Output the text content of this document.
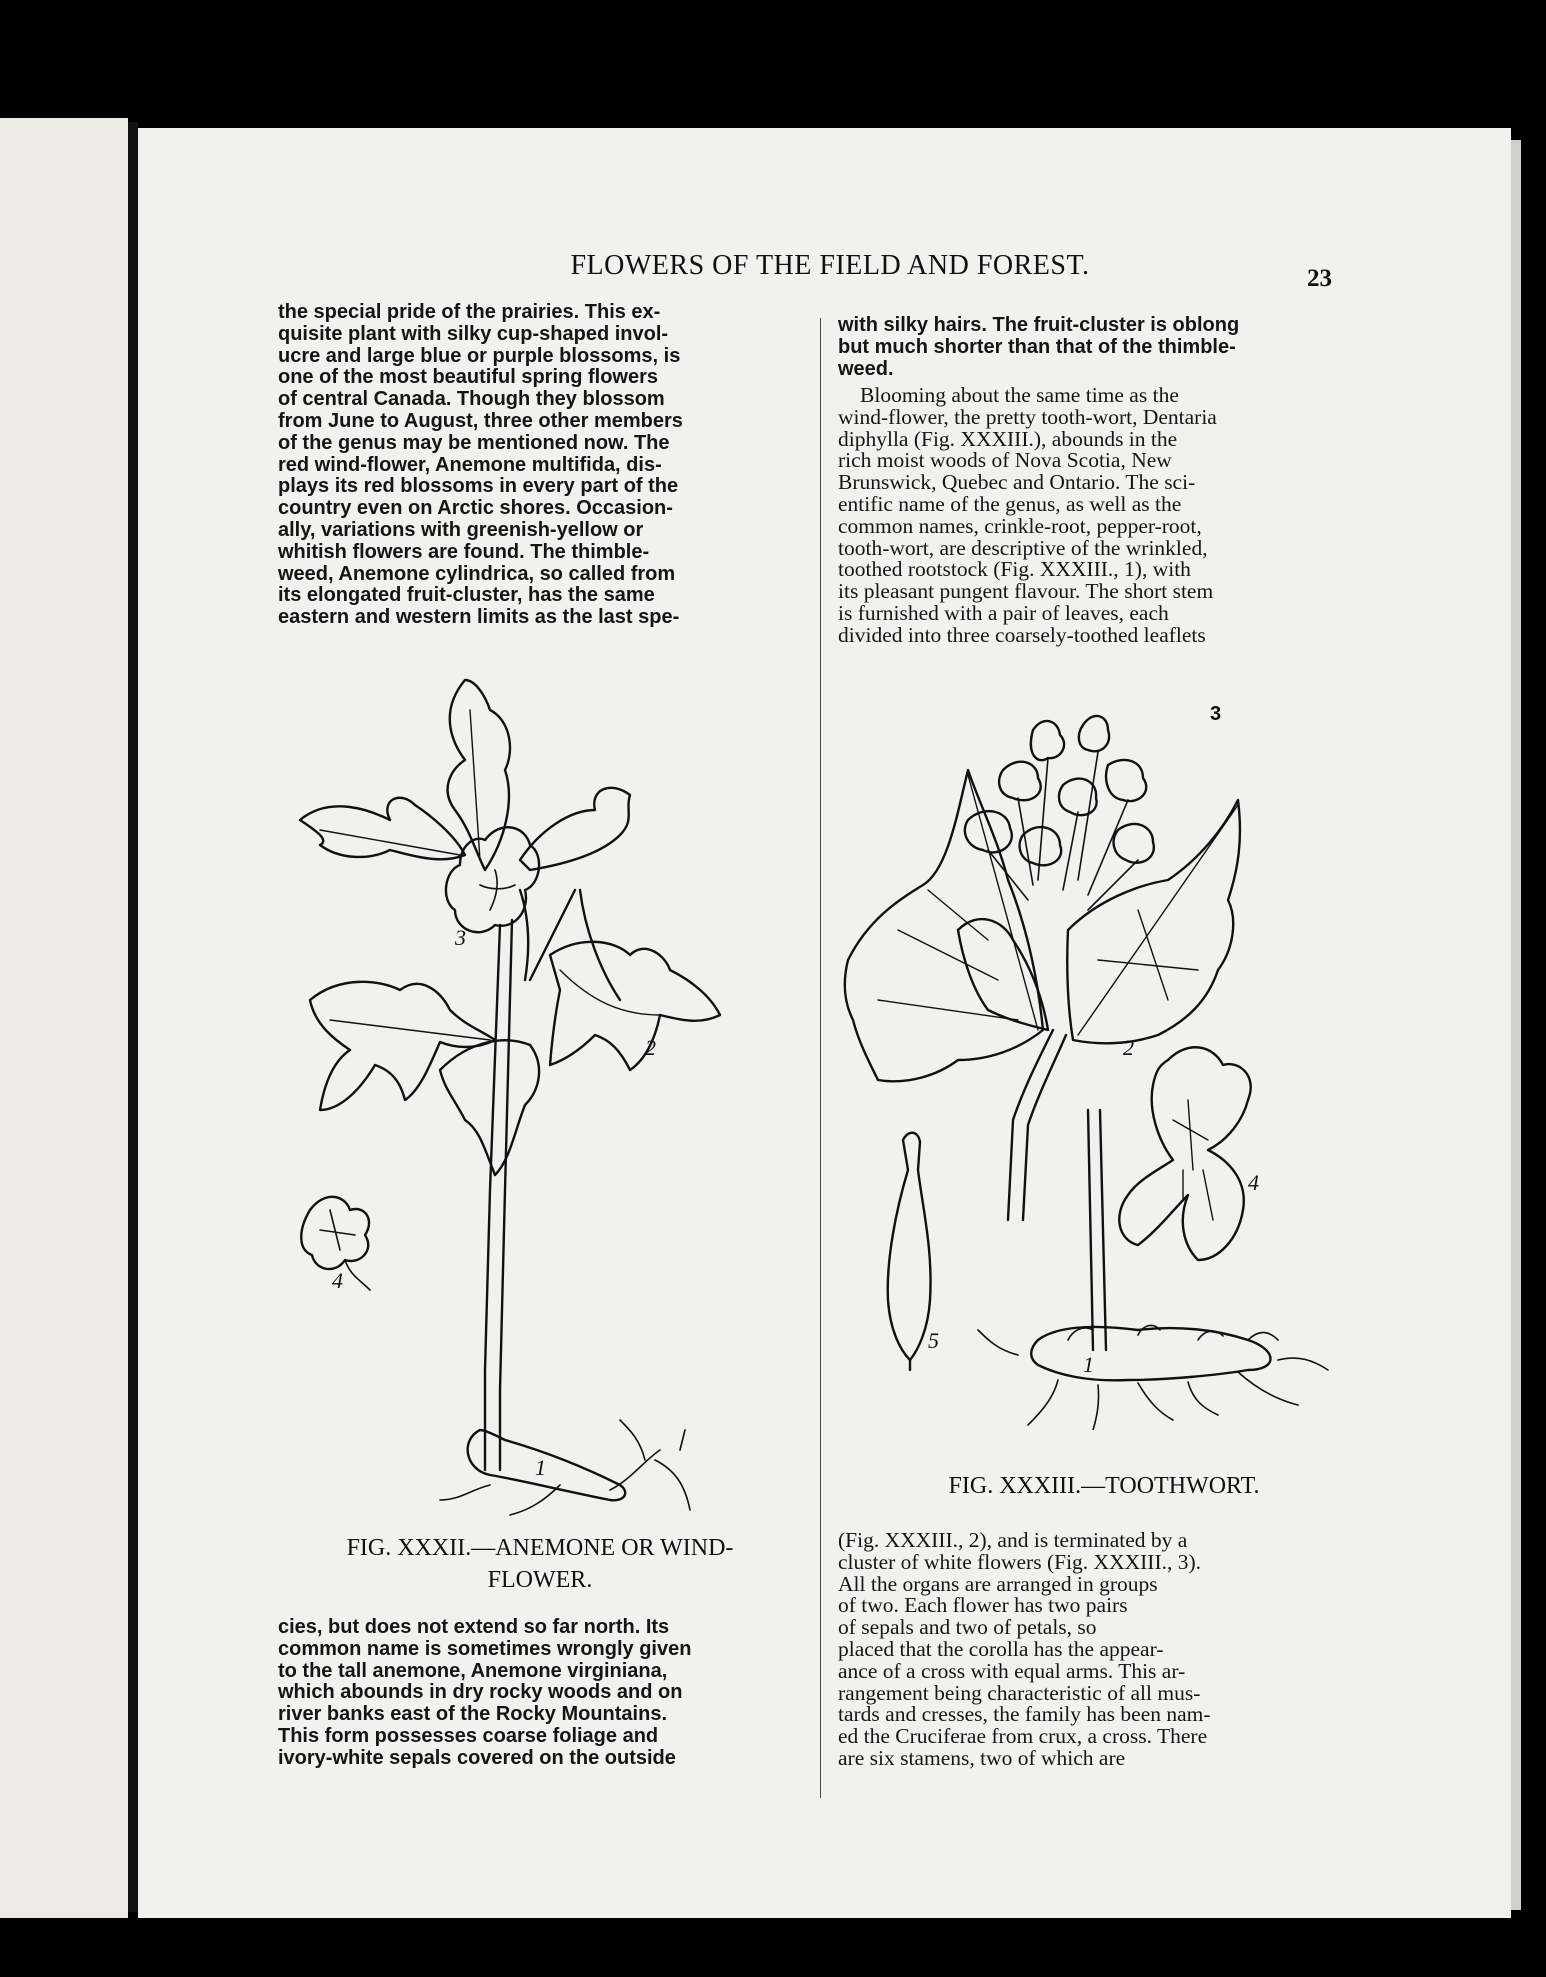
FLOWERS OF THE FIELD AND FOREST.	23

the special pride of the prairies. This ex-
quisite plant with silky cup-shaped invol-
ucre and large blue or purple blossoms, is
one of the most beautiful spring flowers
of central Canada. Though they blossom
from June to August, three other members
of the genus may be mentioned now. The
red wind-flower, Anemone multifida, dis-
plays its red blossoms in every part of the
country even on Arctic shores. Occasion-
ally, variations with greenish-yellow or
whitish flowers are found. The thimble-
weed, Anemone cylindrica, so called from
its elongated fruit-cluster, has the same
eastern and western limits as the last spe-

3
2
4
1

FIG. XXXII.—ANEMONE OR WIND-
FLOWER.

cies, but does not extend so far north. Its
common name is sometimes wrongly given
to the tall anemone, Anemone virginiana,
which abounds in dry rocky woods and on
river banks east of the Rocky Mountains.
This form possesses coarse foliage and
ivory-white sepals covered on the outside

with silky hairs. The fruit-cluster is oblong
but much shorter than that of the thimble-
weed.

Blooming about the same time as the
wind-flower, the pretty tooth-wort, Dentaria
diphylla (Fig. XXXIII.), abounds in the
rich moist woods of Nova Scotia, New
Brunswick, Quebec and Ontario. The sci-
entific name of the genus, as well as the
common names, crinkle-root, pepper-root,
tooth-wort, are descriptive of the wrinkled,
toothed rootstock (Fig. XXXIII., 1), with
its pleasant pungent flavour. The short stem
is furnished with a pair of leaves, each
divided into three coarsely-toothed leaflets

3
2
4
5
1

FIG. XXXIII.—TOOTHWORT.

(Fig. XXXIII., 2), and is terminated by a
cluster of white flowers (Fig. XXXIII., 3).
All the organs are arranged in groups
of two. Each flower has two pairs
of sepals and two of petals, so
placed that the corolla has the appear-
ance of a cross with equal arms. This ar-
rangement being characteristic of all mus-
tards and cresses, the family has been nam-
ed the Cruciferae from crux, a cross. There
are six stamens, two of which are
